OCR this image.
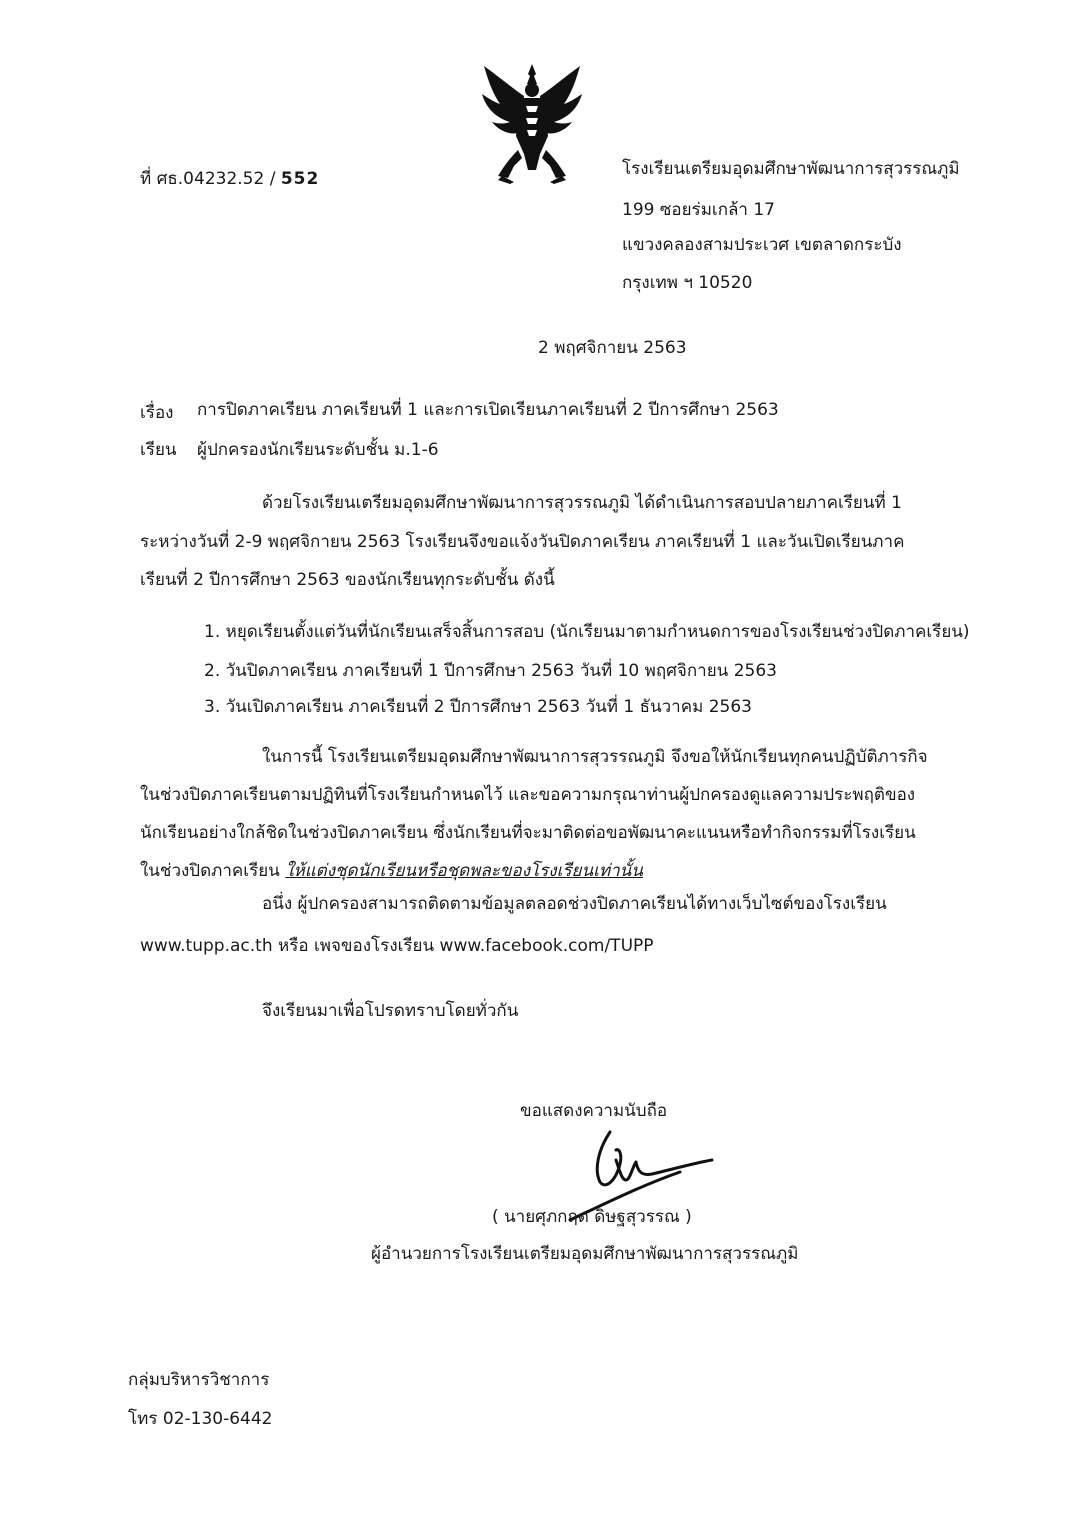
ที่ ศธ.04232.52 / 552	โรงเรียนเตรียมอุดมศึกษาพัฒนาการสุวรรณภูมิ
199 ซอยร่มเกล้า 17
แขวงคลองสามประเวศ เขตลาดกระบัง
กรุงเทพ ฯ 10520
2 พฤศจิกายน 2563
เรื่อง การปิดภาคเรียน ภาคเรียนที่ 1 และการเปิดเรียนภาคเรียนที่ 2 ปีการศึกษา 2563
เรียน ผู้ปกครองนักเรียนระดับชั้น ม.1-6
ด้วยโรงเรียนเตรียมอุดมศึกษาพัฒนาการสุวรรณภูมิ ได้ดำเนินการสอบปลายภาคเรียนที่ 1
ระหว่างวันที่ 2-9 พฤศจิกายน 2563 โรงเรียนจึงขอแจ้งวันปิดภาคเรียน ภาคเรียนที่ 1 และวันเปิดเรียนภาค
เรียนที่ 2 ปีการศึกษา 2563 ของนักเรียนทุกระดับชั้น ดังนี้
1. หยุดเรียนตั้งแต่วันที่นักเรียนเสร็จสิ้นการสอบ (นักเรียนมาตามกำหนดการของโรงเรียนช่วงปิดภาคเรียน)
2. วันปิดภาคเรียน ภาคเรียนที่ 1 ปีการศึกษา 2563 วันที่ 10 พฤศจิกายน 2563
3. วันเปิดภาคเรียน ภาคเรียนที่ 2 ปีการศึกษา 2563 วันที่ 1 ธันวาคม 2563
ในการนี้ โรงเรียนเตรียมอุดมศึกษาพัฒนาการสุวรรณภูมิ จึงขอให้นักเรียนทุกคนปฏิบัติภารกิจ
ในช่วงปิดภาคเรียนตามปฏิทินที่โรงเรียนกำหนดไว้ และขอความกรุณาท่านผู้ปกครองดูแลความประพฤติของ
นักเรียนอย่างใกล้ชิดในช่วงปิดภาคเรียน ซึ่งนักเรียนที่จะมาติดต่อขอพัฒนาคะแนนหรือทำกิจกรรมที่โรงเรียน
ในช่วงปิดภาคเรียน ให้แต่งชุดนักเรียนหรือชุดพละของโรงเรียนเท่านั้น
อนึ่ง ผู้ปกครองสามารถติดตามข้อมูลตลอดช่วงปิดภาคเรียนได้ทางเว็บไซต์ของโรงเรียน
www.tupp.ac.th หรือ เพจของโรงเรียน www.facebook.com/TUPP
จึงเรียนมาเพื่อโปรดทราบโดยทั่วกัน
ขอแสดงความนับถือ
( นายศุภกฤต ดิษฐสุวรรณ )
ผู้อำนวยการโรงเรียนเตรียมอุดมศึกษาพัฒนาการสุวรรณภูมิ
กลุ่มบริหารวิชาการ
โทร 02-130-6442
